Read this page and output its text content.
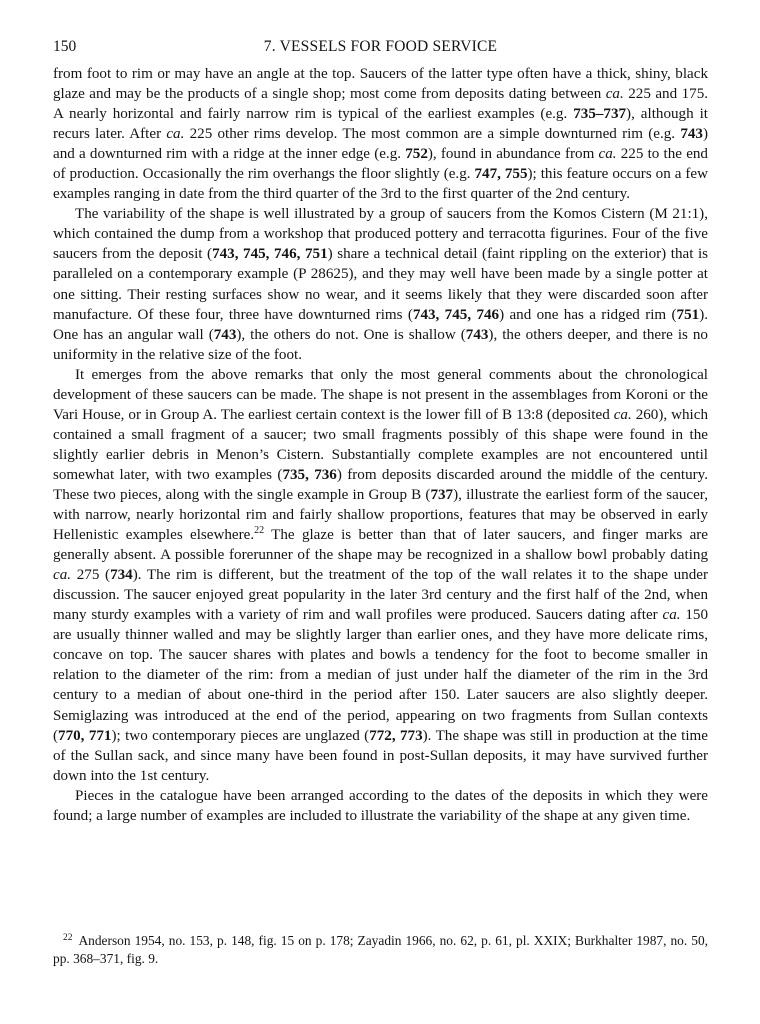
150	7. VESSELS FOR FOOD SERVICE

from foot to rim or may have an angle at the top. Saucers of the latter type often have a thick, shiny, black glaze and may be the products of a single shop; most come from deposits dating between ca. 225 and 175. A nearly horizontal and fairly narrow rim is typical of the earliest examples (e.g. 735–737), although it recurs later. After ca. 225 other rims develop. The most common are a simple downturned rim (e.g. 743) and a downturned rim with a ridge at the inner edge (e.g. 752), found in abundance from ca. 225 to the end of production. Occasionally the rim overhangs the floor slightly (e.g. 747, 755); this feature occurs on a few examples ranging in date from the third quarter of the 3rd to the first quarter of the 2nd century.

The variability of the shape is well illustrated by a group of saucers from the Komos Cistern (M 21:1), which contained the dump from a workshop that produced pottery and terracotta figurines. Four of the five saucers from the deposit (743, 745, 746, 751) share a technical detail (faint rippling on the exterior) that is paralleled on a contemporary example (P 28625), and they may well have been made by a single potter at one sitting. Their resting surfaces show no wear, and it seems likely that they were discarded soon after manufacture. Of these four, three have downturned rims (743, 745, 746) and one has a ridged rim (751). One has an angular wall (743), the others do not. One is shallow (743), the others deeper, and there is no uniformity in the relative size of the foot.

It emerges from the above remarks that only the most general comments about the chronological development of these saucers can be made. The shape is not present in the assemblages from Koroni or the Vari House, or in Group A. The earliest certain context is the lower fill of B 13:8 (deposited ca. 260), which contained a small fragment of a saucer; two small fragments possibly of this shape were found in the slightly earlier debris in Menon’s Cistern. Substantially complete examples are not encountered until somewhat later, with two examples (735, 736) from deposits discarded around the middle of the century. These two pieces, along with the single example in Group B (737), illustrate the earliest form of the saucer, with narrow, nearly horizontal rim and fairly shallow proportions, features that may be observed in early Hellenistic examples elsewhere.$^{22}$ The glaze is better than that of later saucers, and finger marks are generally absent. A possible forerunner of the shape may be recognized in a shallow bowl probably dating ca. 275 (734). The rim is different, but the treatment of the top of the wall relates it to the shape under discussion. The saucer enjoyed great popularity in the later 3rd century and the first half of the 2nd, when many sturdy examples with a variety of rim and wall profiles were produced. Saucers dating after ca. 150 are usually thinner walled and may be slightly larger than earlier ones, and they have more delicate rims, concave on top. The saucer shares with plates and bowls a tendency for the foot to become smaller in relation to the diameter of the rim: from a median of just under half the diameter of the rim in the 3rd century to a median of about one-third in the period after 150. Later saucers are also slightly deeper. Semiglazing was introduced at the end of the period, appearing on two fragments from Sullan contexts (770, 771); two contemporary pieces are unglazed (772, 773). The shape was still in production at the time of the Sullan sack, and since many have been found in post-Sullan deposits, it may have survived further down into the 1st century.

Pieces in the catalogue have been arranged according to the dates of the deposits in which they were found; a large number of examples are included to illustrate the variability of the shape at any given time.

$^{22}$ Anderson 1954, no. 153, p. 148, fig. 15 on p. 178; Zayadin 1966, no. 62, p. 61, pl. XXIX; Burkhalter 1987, no. 50, pp. 368–371, fig. 9.
